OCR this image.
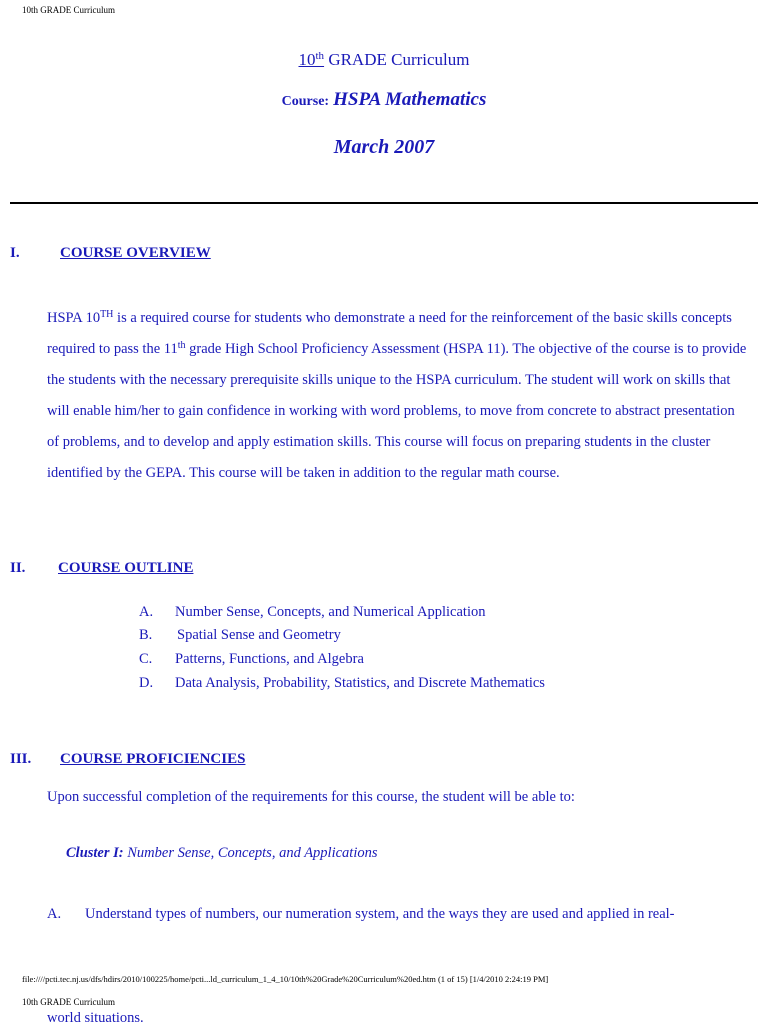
10th GRADE Curriculum
10th GRADE Curriculum
Course: HSPA Mathematics
March 2007
I.	COURSE OVERVIEW

HSPA 10TH is a required course for students who demonstrate a need for the reinforcement of the basic skills concepts required to pass the 11th grade High School Proficiency Assessment (HSPA 11). The objective of the course is to provide the students with the necessary prerequisite skills unique to the HSPA curriculum. The student will work on skills that will enable him/her to gain confidence in working with word problems, to move from concrete to abstract presentation of problems, and to develop and apply estimation skills. This course will focus on preparing students in the cluster identified by the GEPA. This course will be taken in addition to the regular math course.

II. COURSE OUTLINE
A. Number Sense, Concepts, and Numerical Application
B. Spatial Sense and Geometry
C. Patterns, Functions, and Algebra
D. Data Analysis, Probability, Statistics, and Discrete Mathematics
III. COURSE PROFICIENCIES
Upon successful completion of the requirements for this course, the student will be able to:
Cluster I: Number Sense, Concepts, and Applications
A. Understand types of numbers, our numeration system, and the ways they are used and applied in real-
file:////pcti.tec.nj.us/dfs/hdirs/2010/100225/home/pcti...ld_curriculum_1_4_10/10th%20Grade%20Curriculum%20ed.htm (1 of 15) [1/4/2010 2:24:19 PM]
10th GRADE Curriculum
world situations.
